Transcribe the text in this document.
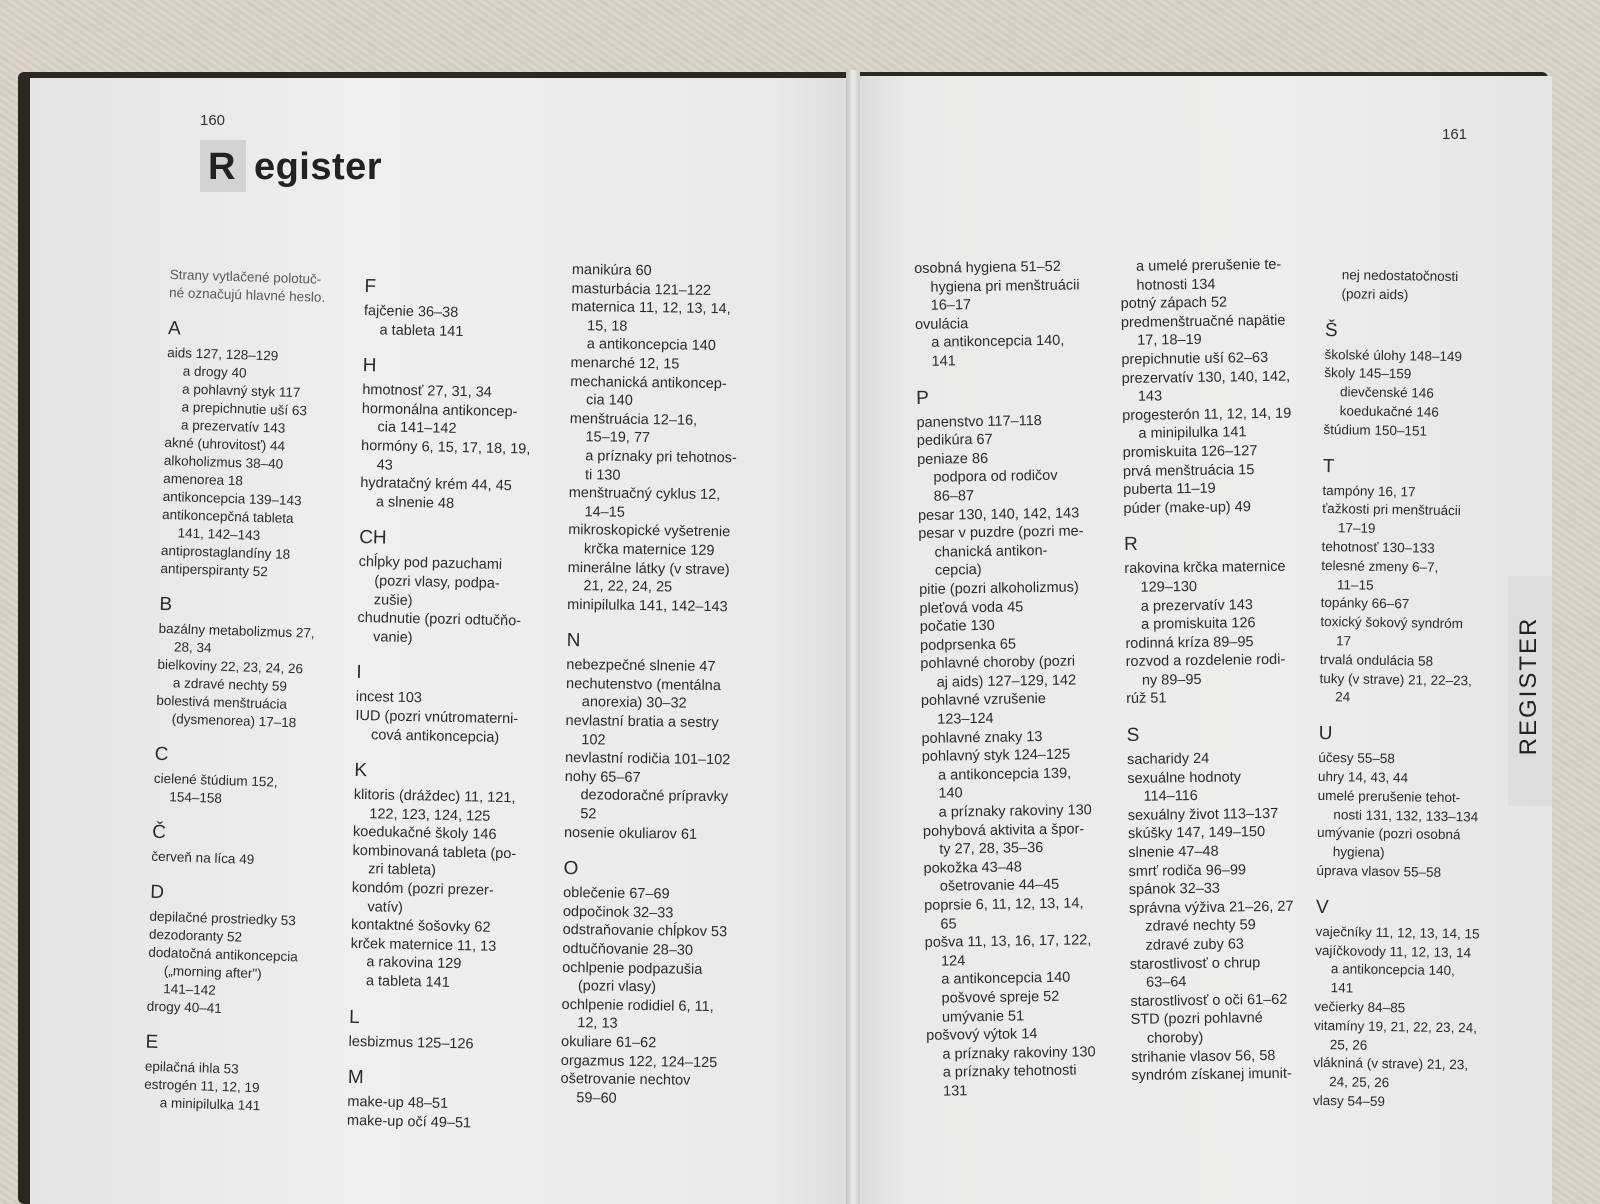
160
R egister
Strany vytlačené polotuč-
né označujú hlavné heslo.
A
aids 127, 128–129
a drogy 40
a pohlavný styk 117
a prepichnutie uší 63
a prezervatív 143
akné (uhrovitosť) 44
alkoholizmus 38–40
amenorea 18
antikoncepcia 139–143
antikoncepčná tableta
141, 142–143
antiprostaglandíny 18
antiperspiranty 52
B
bazálny metabolizmus 27,
28, 34
bielkoviny 22, 23, 24, 26
a zdravé nechty 59
bolestivá menštruácia
(dysmenorea) 17–18
C
cielené štúdium 152,
154–158
Č
červeň na líca 49
D
depilačné prostriedky 53
dezodoranty 52
dodatočná antikoncepcia
(„morning after")
141–142
drogy 40–41
E
epilačná ihla 53
estrogén 11, 12, 19
a minipilulka 141
F
fajčenie 36–38
a tableta 141
H
hmotnosť 27, 31, 34
hormonálna antikoncep-
cia 141–142
hormóny 6, 15, 17, 18, 19,
43
hydratačný krém 44, 45
a slnenie 48
CH
chĺpky pod pazuchami
(pozri vlasy, podpa-
zušie)
chudnutie (pozri odtučňo-
vanie)
I
incest 103
IUD (pozri vnútromaterni-
cová antikoncepcia)
K
klitoris (dráždec) 11, 121,
122, 123, 124, 125
koedukačné školy 146
kombinovaná tableta (po-
zri tableta)
kondóm (pozri prezer-
vatív)
kontaktné šošovky 62
krček maternice 11, 13
a rakovina 129
a tableta 141
L
lesbizmus 125–126
M
make-up 48–51
make-up očí 49–51
manikúra 60
masturbácia 121–122
maternica 11, 12, 13, 14,
15, 18
a antikoncepcia 140
menarché 12, 15
mechanická antikoncep-
cia 140
menštruácia 12–16,
15–19, 77
a príznaky pri tehotnos-
ti 130
menštruačný cyklus 12,
14–15
mikroskopické vyšetrenie
krčka maternice 129
minerálne látky (v strave)
21, 22, 24, 25
minipilulka 141, 142–143
N
nebezpečné slnenie 47
nechutenstvo (mentálna
anorexia) 30–32
nevlastní bratia a sestry
102
nevlastní rodičia 101–102
nohy 65–67
dezodoračné prípravky
52
nosenie okuliarov 61
O
oblečenie 67–69
odpočinok 32–33
odstraňovanie chĺpkov 53
odtučňovanie 28–30
ochlpenie podpazušia
(pozri vlasy)
ochlpenie rodidiel 6, 11,
12, 13
okuliare 61–62
orgazmus 122, 124–125
ošetrovanie nechtov
59–60
161
osobná hygiena 51–52
hygiena pri menštruácii
16–17
ovulácia
a antikoncepcia 140,
141
P
panenstvo 117–118
pedikúra 67
peniaze 86
podpora od rodičov
86–87
pesar 130, 140, 142, 143
pesar v puzdre (pozri me-
chanická antikon-
cepcia)
pitie (pozri alkoholizmus)
pleťová voda 45
počatie 130
podprsenka 65
pohlavné choroby (pozri
aj aids) 127–129, 142
pohlavné vzrušenie
123–124
pohlavné znaky 13
pohlavný styk 124–125
a antikoncepcia 139,
140
a príznaky rakoviny 130
pohybová aktivita a špor-
ty 27, 28, 35–36
pokožka 43–48
ošetrovanie 44–45
poprsie 6, 11, 12, 13, 14,
65
pošva 11, 13, 16, 17, 122,
124
a antikoncepcia 140
pošvové spreje 52
umývanie 51
pošvový výtok 14
a príznaky rakoviny 130
a príznaky tehotnosti
131
a umelé prerušenie te-
hotnosti 134
potný zápach 52
predmenštruačné napätie
17, 18–19
prepichnutie uší 62–63
prezervatív 130, 140, 142,
143
progesterón 11, 12, 14, 19
a minipilulka 141
promiskuita 126–127
prvá menštruácia 15
puberta 11–19
púder (make-up) 49
R
rakovina krčka maternice
129–130
a prezervatív 143
a promiskuita 126
rodinná kríza 89–95
rozvod a rozdelenie rodi-
ny 89–95
rúž 51
S
sacharidy 24
sexuálne hodnoty
114–116
sexuálny život 113–137
skúšky 147, 149–150
slnenie 47–48
smrť rodiča 96–99
spánok 32–33
správna výživa 21–26, 27
zdravé nechty 59
zdravé zuby 63
starostlivosť o chrup
63–64
starostlivosť o oči 61–62
STD (pozri pohlavné
choroby)
strihanie vlasov 56, 58
syndróm získanej imunit-
nej nedostatočnosti
(pozri aids)
Š
školské úlohy 148–149
školy 145–159
dievčenské 146
koedukačné 146
štúdium 150–151
T
tampóny 16, 17
ťažkosti pri menštruácii
17–19
tehotnosť 130–133
telesné zmeny 6–7,
11–15
topánky 66–67
toxický šokový syndróm
17
trvalá ondulácia 58
tuky (v strave) 21, 22–23,
24
U
účesy 55–58
uhry 14, 43, 44
umelé prerušenie tehot-
nosti 131, 132, 133–134
umývanie (pozri osobná
hygiena)
úprava vlasov 55–58
V
vaječníky 11, 12, 13, 14, 15
vajíčkovody 11, 12, 13, 14
a antikoncepcia 140,
141
večierky 84–85
vitamíny 19, 21, 22, 23, 24,
25, 26
vlákniná (v strave) 21, 23,
24, 25, 26
vlasy 54–59
REGISTER
